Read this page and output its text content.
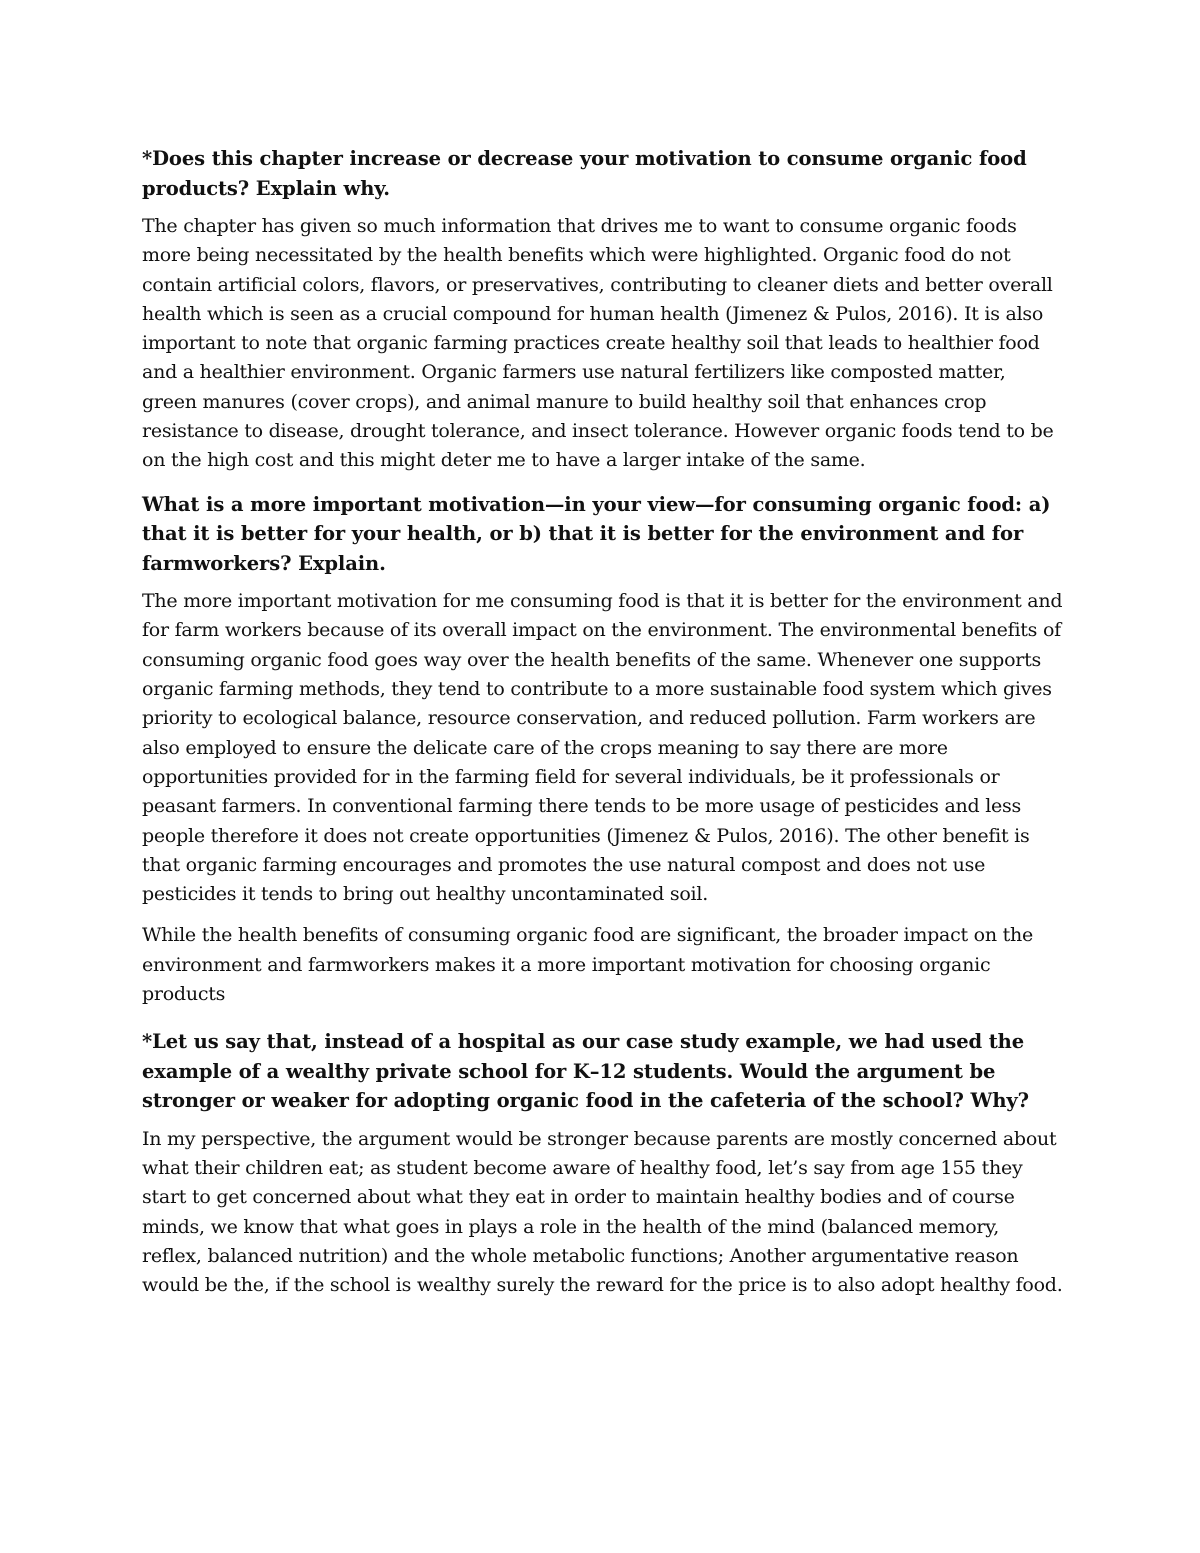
*Does this chapter increase or decrease your motivation to consume organic food products? Explain why.

The chapter has given so much information that drives me to want to consume organic foods more being necessitated by the health benefits which were highlighted. Organic food do not contain artificial colors, flavors, or preservatives, contributing to cleaner diets and better overall health which is seen as a crucial compound for human health (Jimenez & Pulos, 2016). It is also important to note that organic farming practices create healthy soil that leads to healthier food and a healthier environment. Organic farmers use natural fertilizers like composted matter, green manures (cover crops), and animal manure to build healthy soil that enhances crop resistance to disease, drought tolerance, and insect tolerance. However organic foods tend to be on the high cost and this might deter me to have a larger intake of the same.

What is a more important motivation—in your view—for consuming organic food: a) that it is better for your health, or b) that it is better for the environment and for farmworkers? Explain.

The more important motivation for me consuming food is that it is better for the environment and for farm workers because of its overall impact on the environment. The environmental benefits of consuming organic food goes way over the health benefits of the same. Whenever one supports organic farming methods, they tend to contribute to a more sustainable food system which gives priority to ecological balance, resource conservation, and reduced pollution. Farm workers are also employed to ensure the delicate care of the crops meaning to say there are more opportunities provided for in the farming field for several individuals, be it professionals or peasant farmers. In conventional farming there tends to be more usage of pesticides and less people therefore it does not create opportunities (Jimenez & Pulos, 2016). The other benefit is that organic farming encourages and promotes the use natural compost and does not use pesticides it tends to bring out healthy uncontaminated soil.

While the health benefits of consuming organic food are significant, the broader impact on the environment and farmworkers makes it a more important motivation for choosing organic products

*Let us say that, instead of a hospital as our case study example, we had used the example of a wealthy private school for K–12 students. Would the argument be stronger or weaker for adopting organic food in the cafeteria of the school? Why?

In my perspective, the argument would be stronger because parents are mostly concerned about what their children eat; as student become aware of healthy food, let’s say from age 155 they start to get concerned about what they eat in order to maintain healthy bodies and of course minds, we know that what goes in plays a role in the health of the mind (balanced memory, reflex, balanced nutrition) and the whole metabolic functions; Another argumentative reason would be the, if the school is wealthy surely the reward for the price is to also adopt healthy food.
